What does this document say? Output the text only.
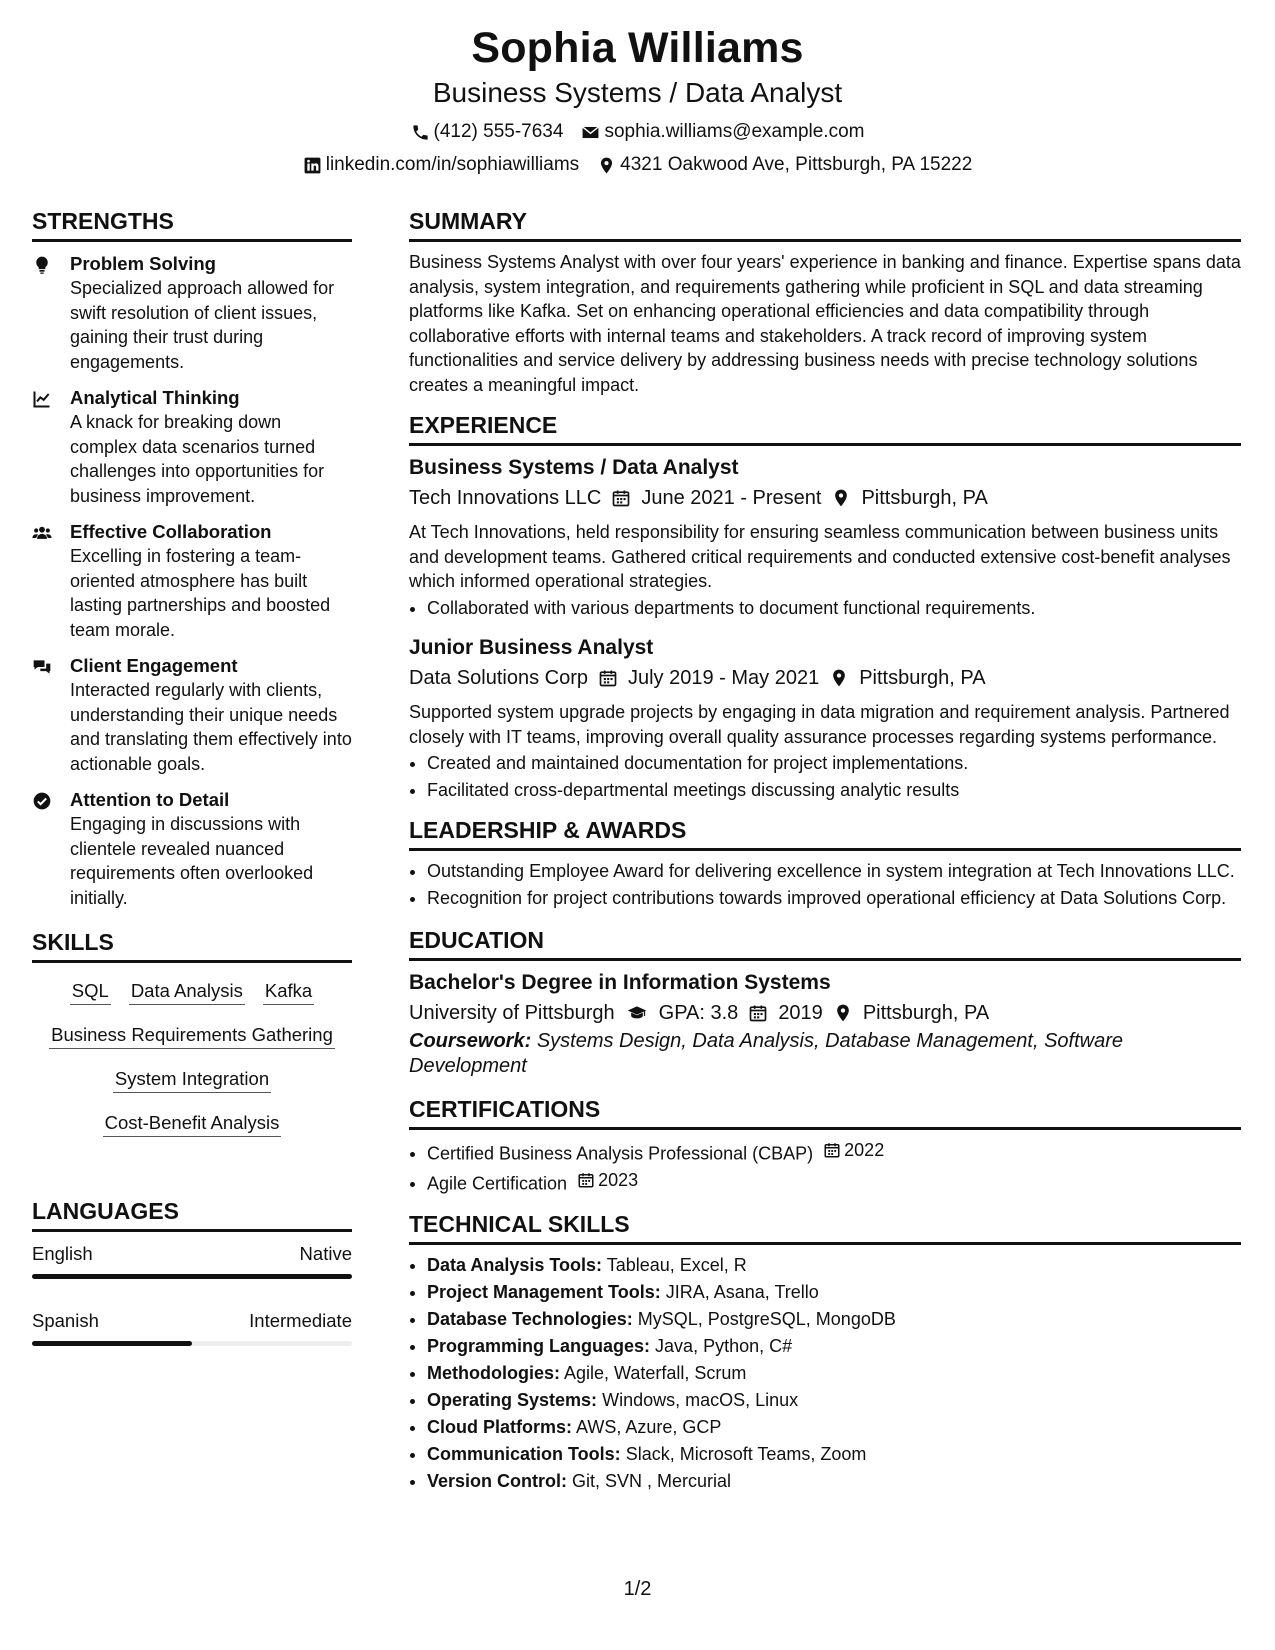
Sophia Williams
Business Systems / Data Analyst
(412) 555-7634 sophia.williams@example.com
linkedin.com/in/sophiawilliams 4321 Oakwood Ave, Pittsburgh, PA 15222
STRENGTHS
Problem Solving
Specialized approach allowed for swift resolution of client issues, gaining their trust during engagements.
Analytical Thinking
A knack for breaking down complex data scenarios turned challenges into opportunities for business improvement.
Effective Collaboration
Excelling in fostering a team-oriented atmosphere has built lasting partnerships and boosted team morale.
Client Engagement
Interacted regularly with clients, understanding their unique needs and translating them effectively into actionable goals.
Attention to Detail
Engaging in discussions with clientele revealed nuanced requirements often overlooked initially.
SKILLS
SQL Data Analysis Kafka
Business Requirements Gathering
System Integration
Cost-Benefit Analysis
LANGUAGES
English	Native
Spanish	Intermediate
SUMMARY
Business Systems Analyst with over four years' experience in banking and finance. Expertise spans data analysis, system integration, and requirements gathering while proficient in SQL and data streaming platforms like Kafka. Set on enhancing operational efficiencies and data compatibility through collaborative efforts with internal teams and stakeholders. A track record of improving system functionalities and service delivery by addressing business needs with precise technology solutions creates a meaningful impact.
EXPERIENCE
Business Systems / Data Analyst
Tech Innovations LLC June 2021 - Present Pittsburgh, PA
At Tech Innovations, held responsibility for ensuring seamless communication between business units and development teams. Gathered critical requirements and conducted extensive cost-benefit analyses which informed operational strategies.
• Collaborated with various departments to document functional requirements.
Junior Business Analyst
Data Solutions Corp July 2019 - May 2021 Pittsburgh, PA
Supported system upgrade projects by engaging in data migration and requirement analysis. Partnered closely with IT teams, improving overall quality assurance processes regarding systems performance.
• Created and maintained documentation for project implementations.
• Facilitated cross-departmental meetings discussing analytic results
LEADERSHIP & AWARDS
• Outstanding Employee Award for delivering excellence in system integration at Tech Innovations LLC.
• Recognition for project contributions towards improved operational efficiency at Data Solutions Corp.
EDUCATION
Bachelor's Degree in Information Systems
University of Pittsburgh GPA: 3.8 2019 Pittsburgh, PA
Coursework: Systems Design, Data Analysis, Database Management, Software Development
CERTIFICATIONS
• Certified Business Analysis Professional (CBAP) 2022
• Agile Certification 2023
TECHNICAL SKILLS
• Data Analysis Tools: Tableau, Excel, R
• Project Management Tools: JIRA, Asana, Trello
• Database Technologies: MySQL, PostgreSQL, MongoDB
• Programming Languages: Java, Python, C#
• Methodologies: Agile, Waterfall, Scrum
• Operating Systems: Windows, macOS, Linux
• Cloud Platforms: AWS, Azure, GCP
• Communication Tools: Slack, Microsoft Teams, Zoom
• Version Control: Git, SVN , Mercurial
1/2
